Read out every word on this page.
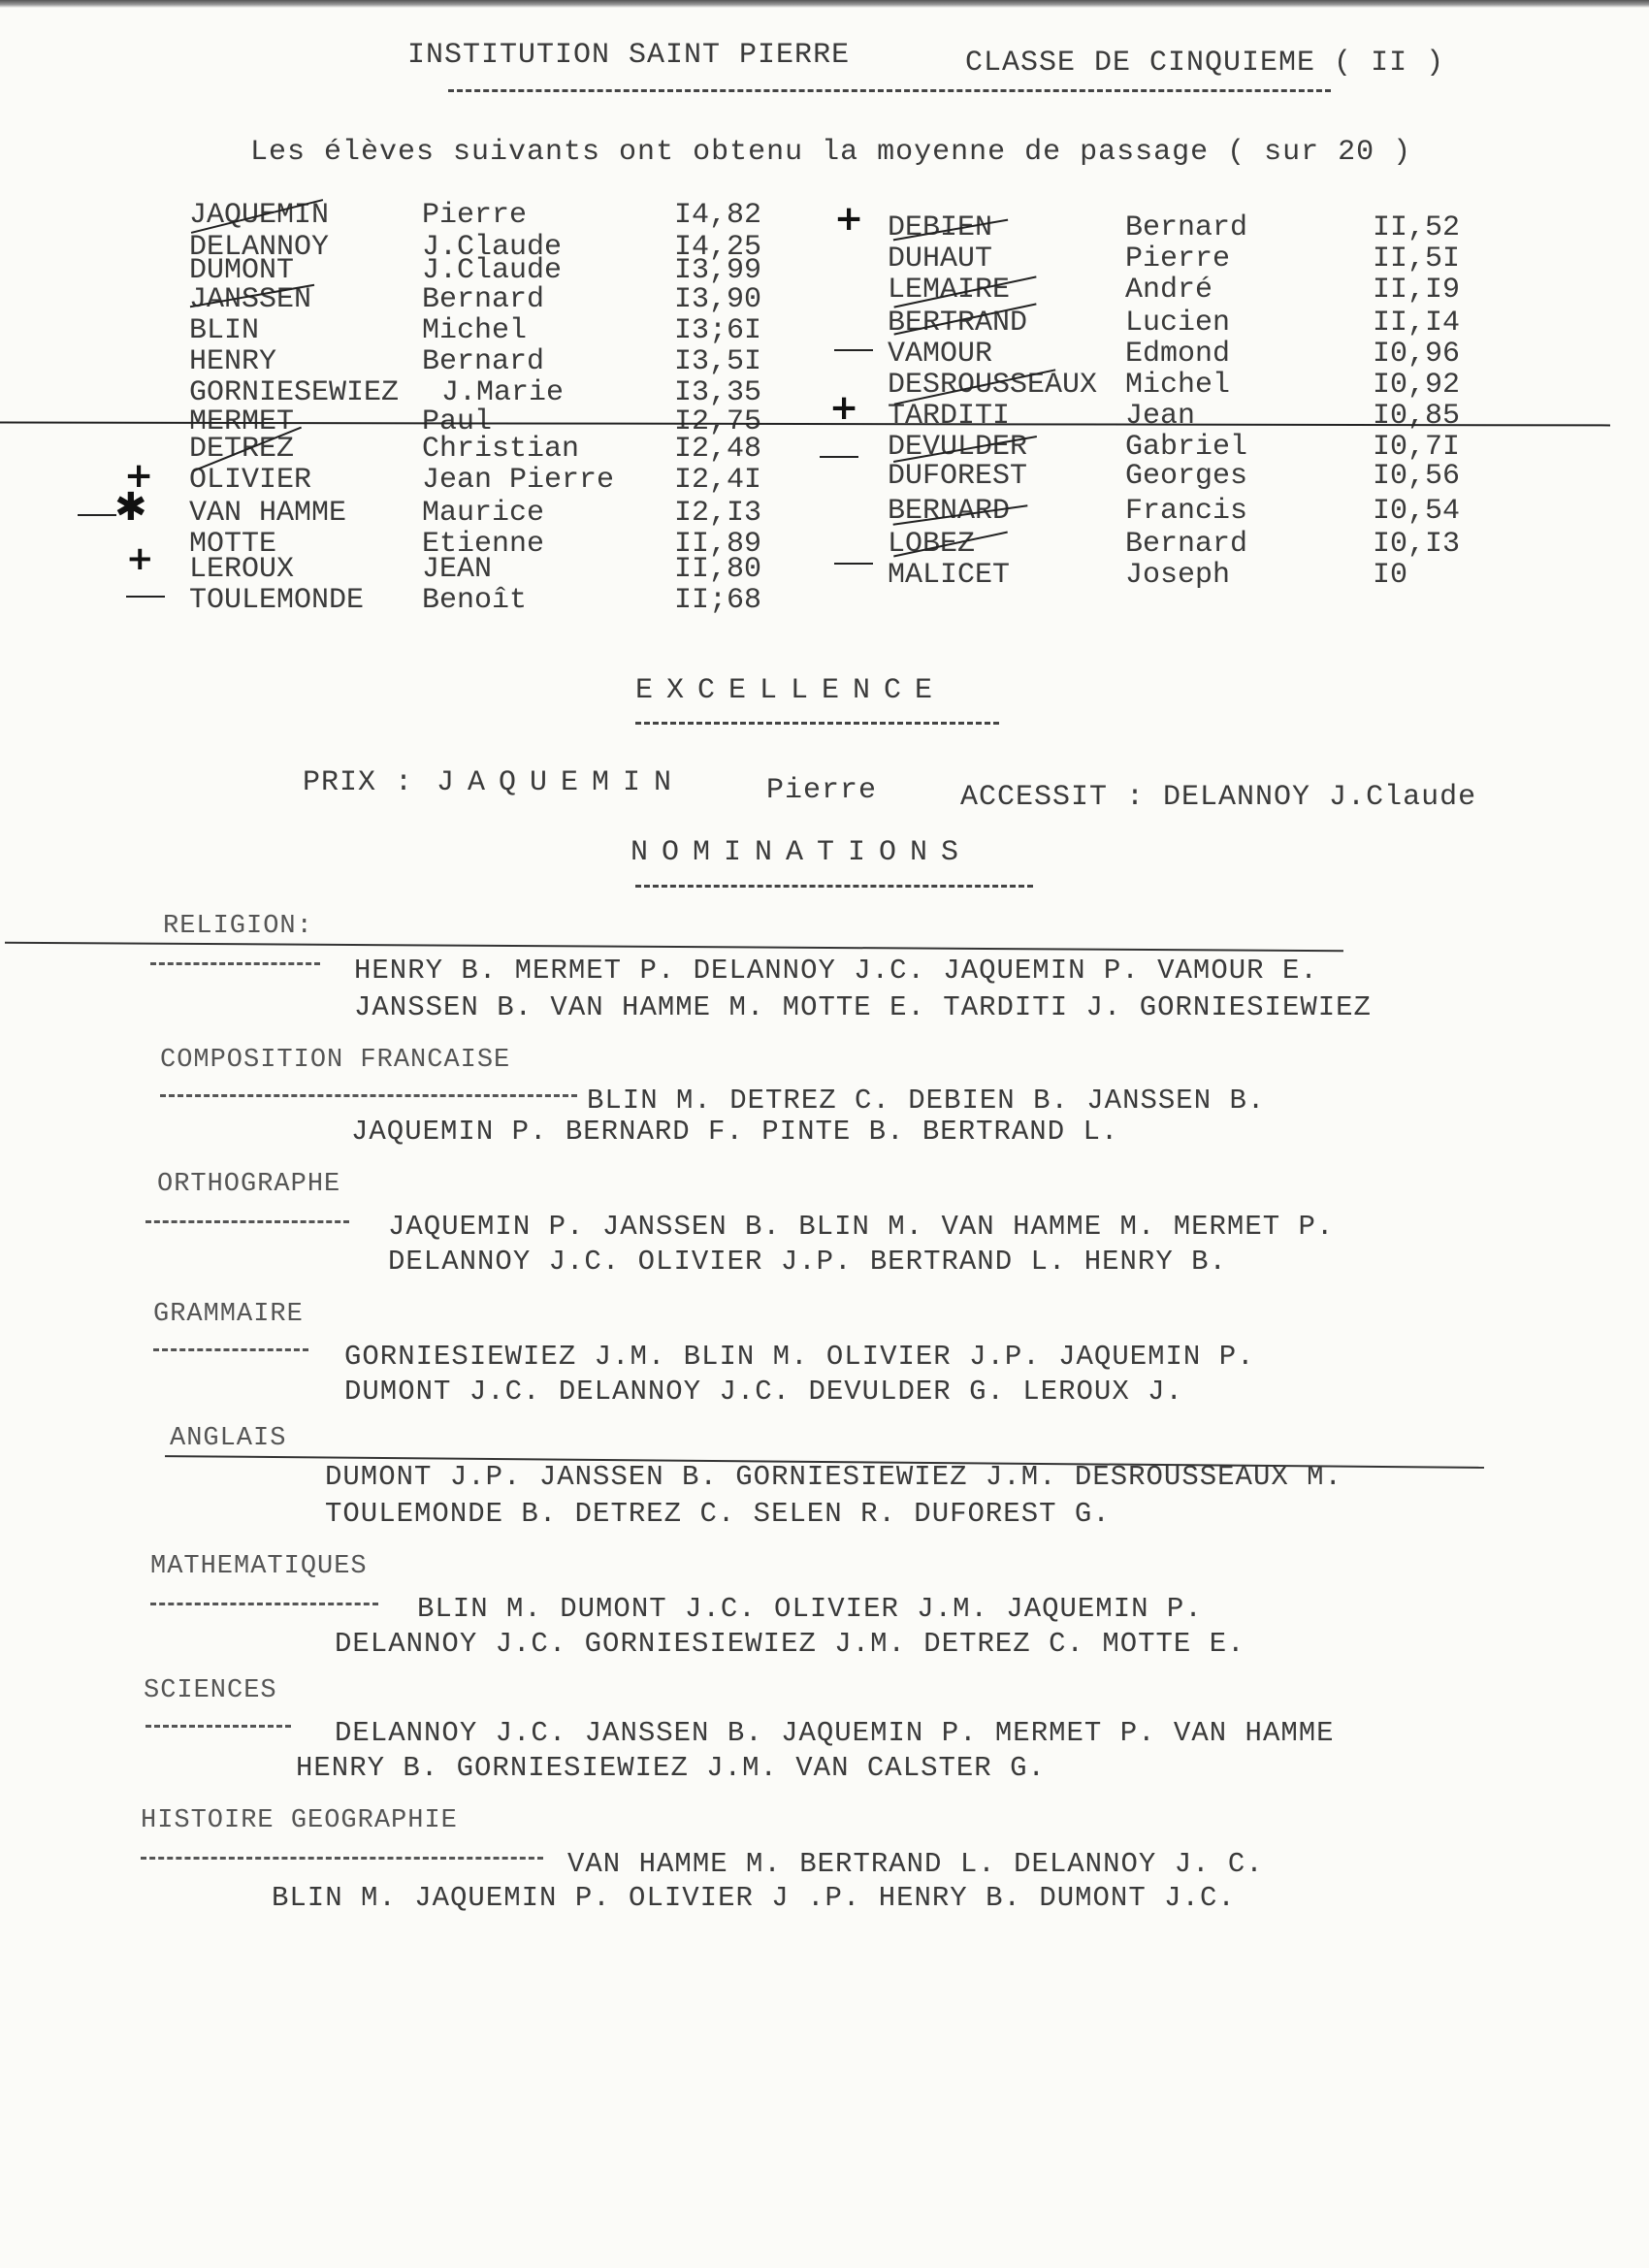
INSTITUTION SAINT PIERRE	CLASSE DE CINQUIEME ( II )
Les élèves suivants ont obtenu la moyenne de passage ( sur 20 )
JAQUEMIN	Pierre	I4,82
DELANNOY	J.Claude	I4,25
DUMONT	J.Claude	I3,99
JANSSEN	Bernard	I3,90
BLIN	Michel	I3;6I
HENRY	Bernard	I3,5I
GORNIESEWIEZ J.Marie	I3,35
MERMET	Paul	I2,75
DETREZ	Christian	I2,48
OLIVIER	Jean Pierre I2,4I
VAN HAMME	Maurice	I2,I3
MOTTE	Etienne	II,89
LEROUX	JEAN	II,80
TOULEMONDE Benoît	II;68
DEBIEN	Bernard	II,52
DUHAUT	Pierre	II,5I
LEMAIRE	André	II,I9
BERTRAND	Lucien	II,I4
VAMOUR	Edmond	I0,96
DESROUSSEAUX Michel	I0,92
TARDITI	Jean	I0,85
DEVULDER	Gabriel	I0,7I
DUFOREST	Georges	I0,56
BERNARD	Francis	I0,54
LOBEZ	Bernard	I0,I3
MALICET	Joseph	I0
+
+
+
✱
+
EXCELLENCE
PRIX : JAQUEMIN	Pierre	ACCESSIT : DELANNOY J.Claude
NOMINATIONS
RELIGION:
HENRY B. MERMET P. DELANNOY J.C. JAQUEMIN P. VAMOUR E.
JANSSEN B. VAN HAMME M. MOTTE E. TARDITI J. GORNIESIEWIEZ
COMPOSITION FRANCAISE
BLIN M. DETREZ C. DEBIEN B. JANSSEN B.
JAQUEMIN P. BERNARD F. PINTE B. BERTRAND L.
ORTHOGRAPHE
JAQUEMIN P. JANSSEN B. BLIN M. VAN HAMME M. MERMET P.
DELANNOY J.C. OLIVIER J.P. BERTRAND L. HENRY B.
GRAMMAIRE
GORNIESIEWIEZ J.M. BLIN M. OLIVIER J.P. JAQUEMIN P.
DUMONT J.C. DELANNOY J.C. DEVULDER G. LEROUX J.
ANGLAIS
DUMONT J.P. JANSSEN B. GORNIESIEWIEZ J.M. DESROUSSEAUX M.
TOULEMONDE B. DETREZ C. SELEN R. DUFOREST G.
MATHEMATIQUES
BLIN M. DUMONT J.C. OLIVIER J.M. JAQUEMIN P.
DELANNOY J.C. GORNIESIEWIEZ J.M. DETREZ C. MOTTE E.
SCIENCES
DELANNOY J.C. JANSSEN B. JAQUEMIN P. MERMET P. VAN HAMME
HENRY B. GORNIESIEWIEZ J.M. VAN CALSTER G.
HISTOIRE GEOGRAPHIE
VAN HAMME M. BERTRAND L. DELANNOY J. C.
BLIN M. JAQUEMIN P. OLIVIER J .P. HENRY B. DUMONT J.C.
